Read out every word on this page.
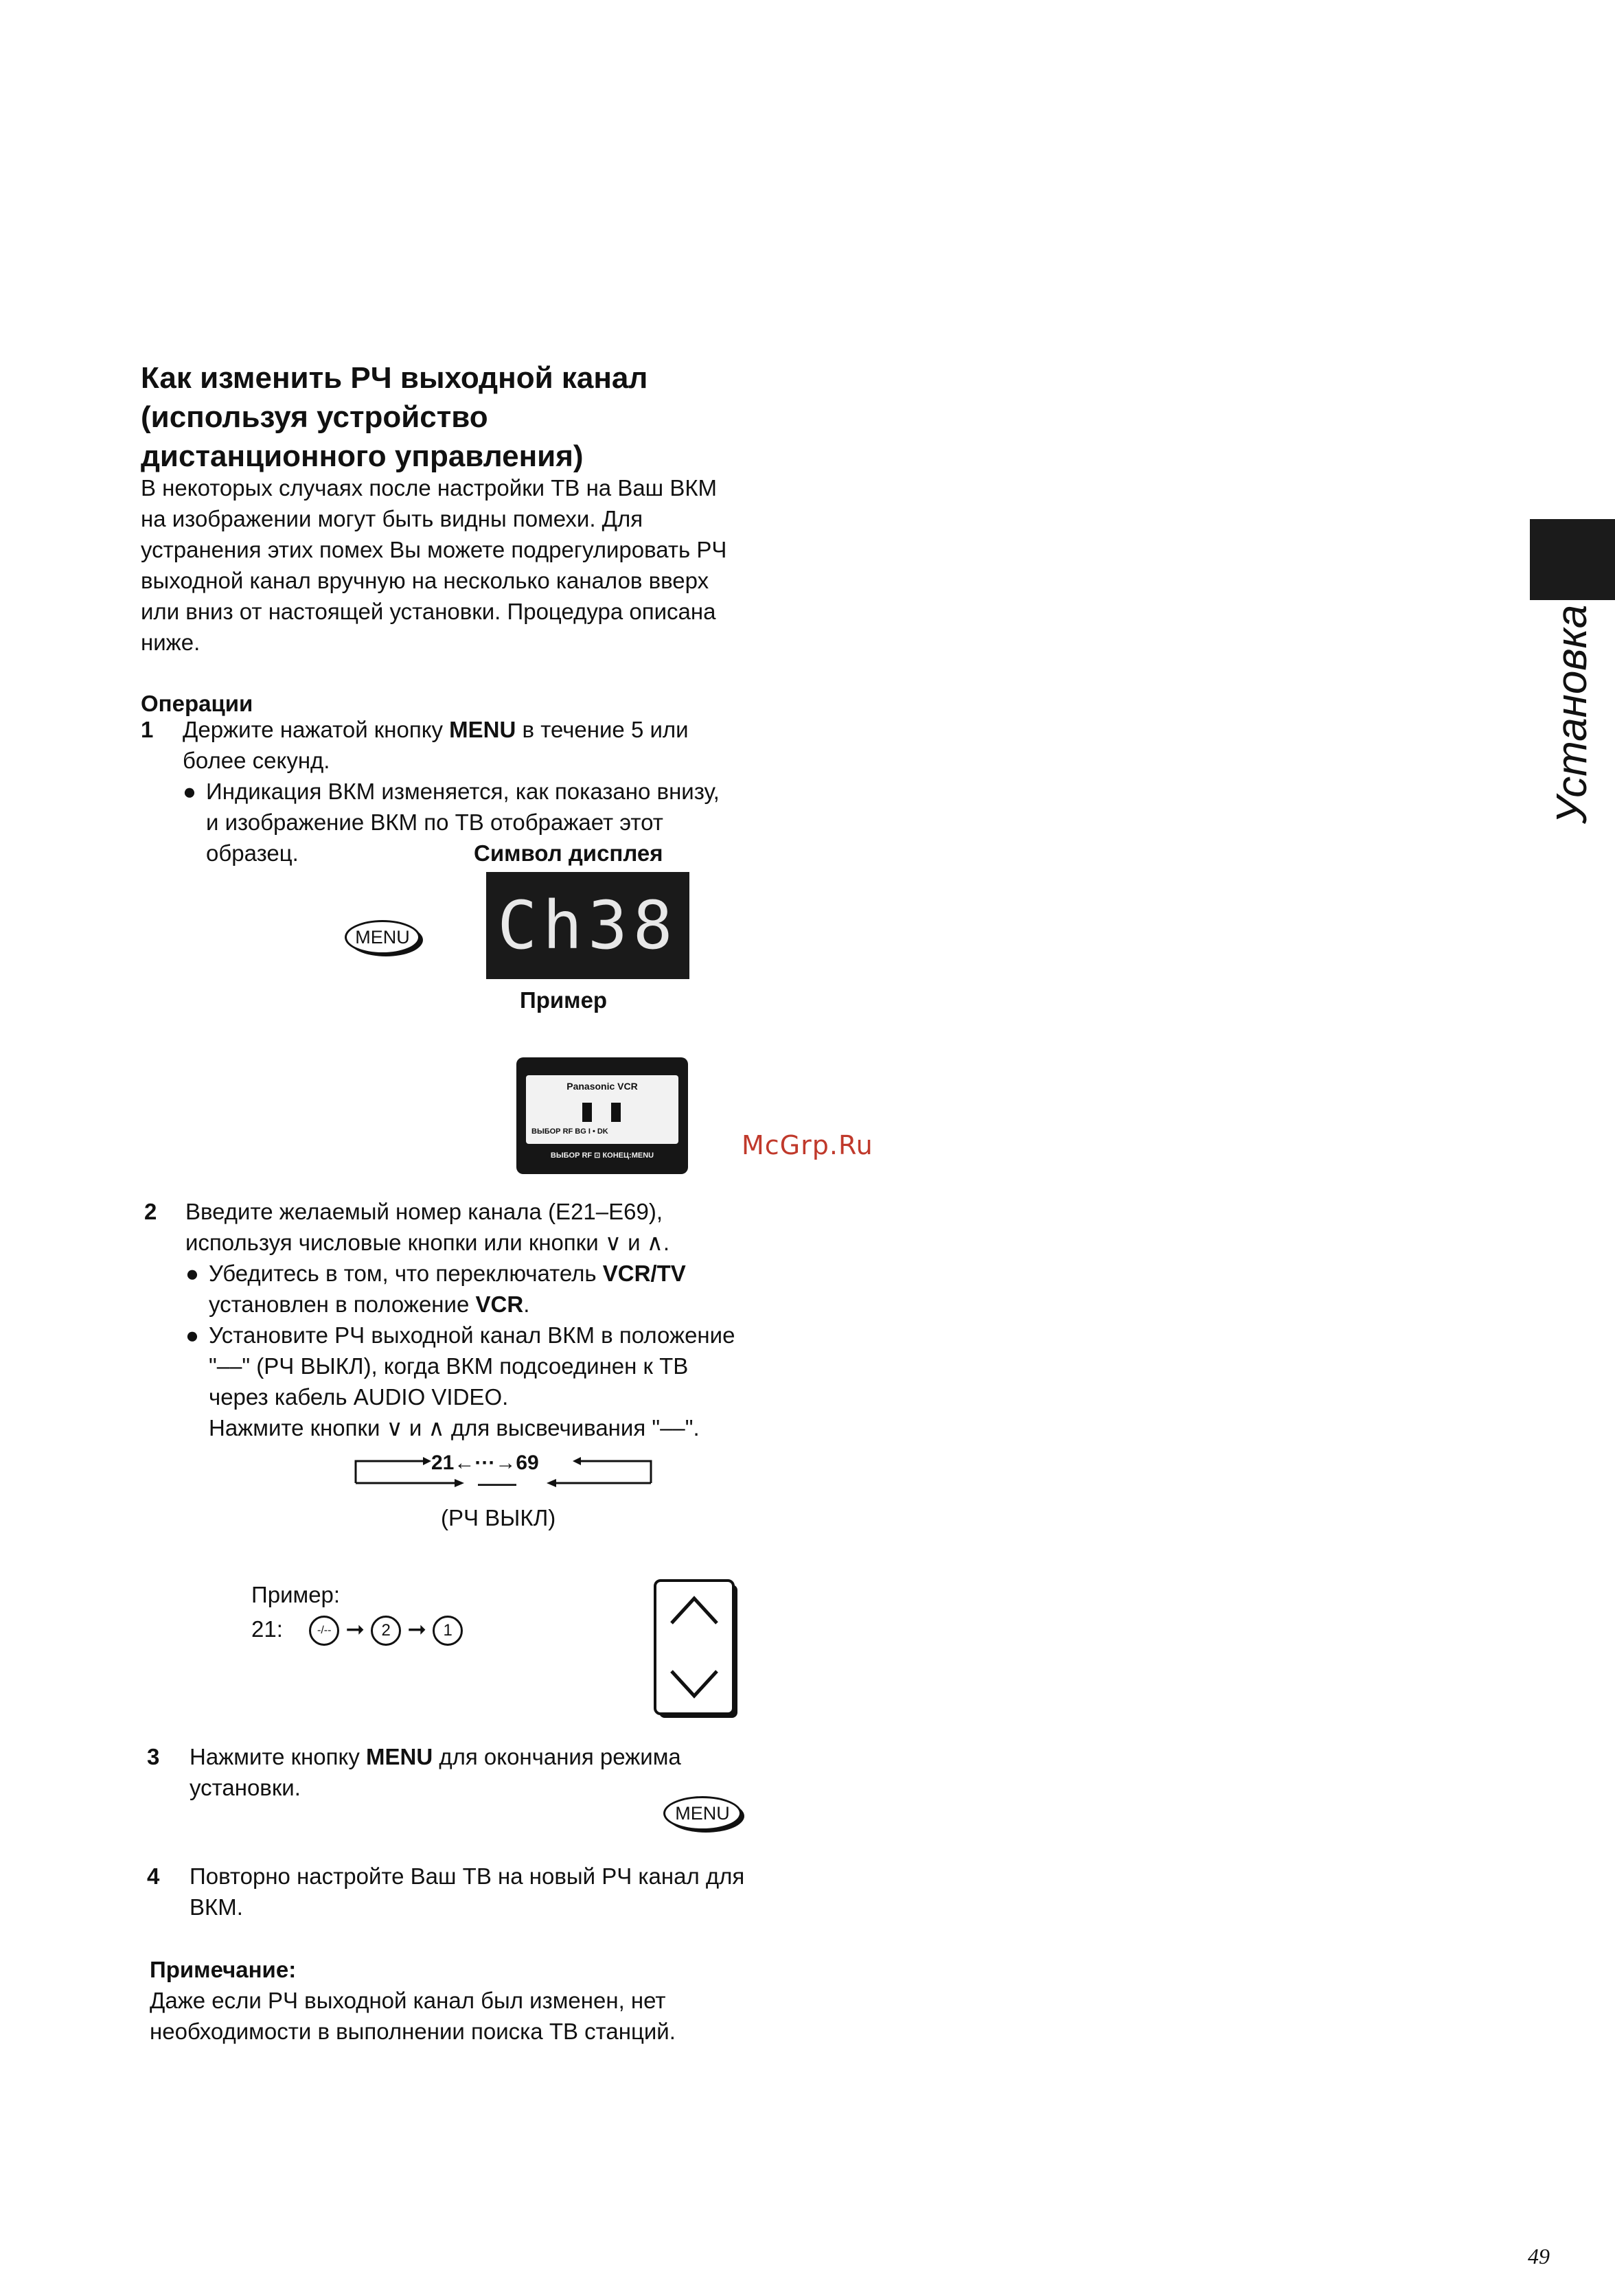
Установка
Как изменить РЧ выходной канал
(используя устройство
дистанционного управления)
В некоторых случаях после настройки ТВ на Ваш ВКМ
на изображении могут быть видны помехи. Для
устранения этих помех Вы можете подрегулировать РЧ
выходной канал вручную на несколько каналов вверх
или вниз от настоящей установки. Процедура описана
ниже.
Операции
1 Держите нажатой кнопку MENU в течение 5 или
более секунд.
● Индикация ВКМ изменяется, как показано внизу,
и изображение ВКМ по ТВ отображает этот
образец.	Символ дисплея
MENU Ch38
Пример
Panasonic VCR
ВЫБОР RF BG I • DK
ВЫБОР RF ⊡ КОНЕЦ:MENU	McGrp.Ru
2 Введите желаемый номер канала (E21–E69),
используя числовые кнопки или кнопки ∨ и ∧.
● Убедитесь в том, что переключатель VCR/TV
установлен в положение VCR.
● Установите РЧ выходной канал ВКМ в положение
"––" (РЧ ВЫКЛ), когда ВКМ подсоединен к ТВ
через кабель AUDIO VIDEO.
Нажмите кнопки ∨ и ∧ для высвечивания "––".
21←···→69
——
(РЧ ВЫКЛ)
Пример:
21:	-/-- ➞ 2 ➞ 1
3 Нажмите кнопку MENU для окончания режима
установки.
MENU
4 Повторно настройте Ваш ТВ на новый РЧ канал для
ВКМ.
Примечание:
Даже если РЧ выходной канал был изменен, нет
необходимости в выполнении поиска ТВ станций.
49
